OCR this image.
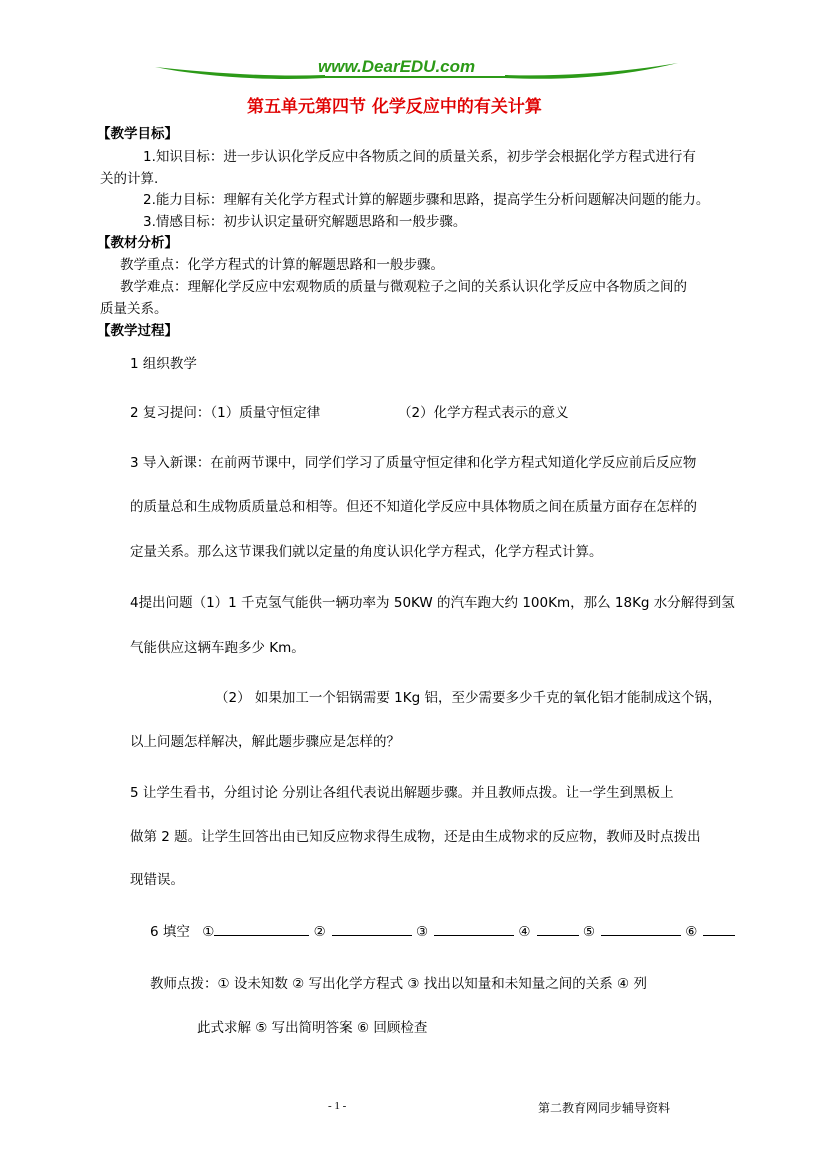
www.DearEDU.com
第五单元第四节 化学反应中的有关计算
【教学目标】
1.知识目标：进一步认识化学反应中各物质之间的质量关系，初步学会根据化学方程式进行有
关的计算.
2.能力目标：理解有关化学方程式计算的解题步骤和思路，提高学生分析问题解决问题的能力。
3.情感目标：初步认识定量研究解题思路和一般步骤。
【教材分析】
教学重点：化学方程式的计算的解题思路和一般步骤。
教学难点：理解化学反应中宏观物质的质量与微观粒子之间的关系认识化学反应中各物质之间的
质量关系。
【教学过程】
1 组织教学
2 复习提问：（1）质量守恒定律	（2）化学方程式表示的意义
3 导入新课：在前两节课中，同学们学习了质量守恒定律和化学方程式知道化学反应前后反应物
的质量总和生成物质质量总和相等。但还不知道化学反应中具体物质之间在质量方面存在怎样的
定量关系。那么这节课我们就以定量的角度认识化学方程式，化学方程式计算。
4提出问题（1）1 千克氢气能供一辆功率为 50KW 的汽车跑大约 100Km，那么 18Kg 水分解得到氢
气能供应这辆车跑多少 Km。
（2） 如果加工一个铝锅需要 1Kg 铝，至少需要多少千克的氧化铝才能制成这个锅，
以上问题怎样解决，解此题步骤应是怎样的？
5 让学生看书，分组讨论 分别让各组代表说出解题步骤。并且教师点拨。让一学生到黑板上
做第 2 题。让学生回答出由已知反应物求得生成物，还是由生成物求的反应物，教师及时点拨出
现错误。
6 填空 ①	②	③	④	⑤	⑥
教师点拨：① 设未知数 ② 写出化学方程式 ③ 找出以知量和未知量之间的关系 ④ 列
此式求解 ⑤ 写出简明答案 ⑥ 回顾检查
- 1 -	第二教育网同步辅导资料
